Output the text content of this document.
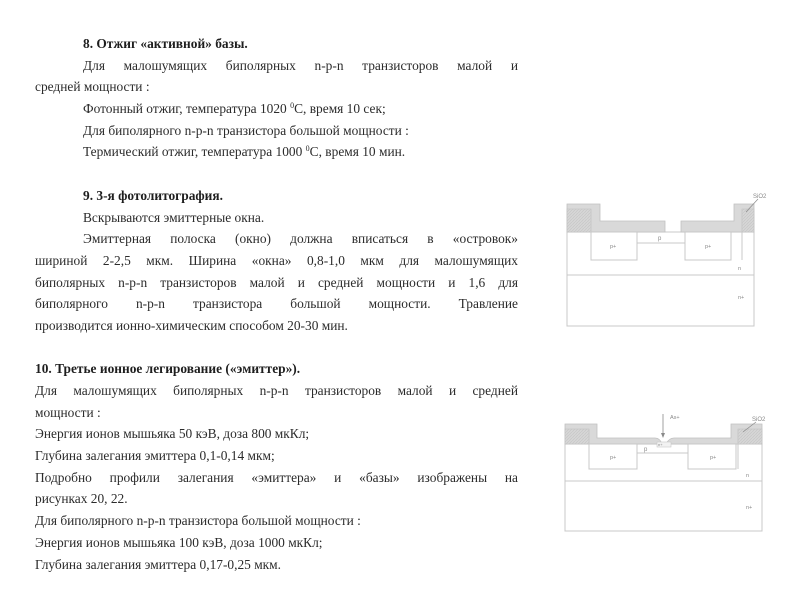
8. Отжиг «активной» базы.
Для малошумящих биполярных n-p-n транзисторов малой и
средней мощности :
Фотонный отжиг, температура 1020 $^0$С, время 10 сек;
Для биполярного n-p-n транзистора большой мощности :
Термический отжиг, температура 1000 $^0$С, время 10 мин.
9. 3-я фотолитография.
Вскрываются эмиттерные окна.
Эмиттерная полоска (окно) должна вписаться в «островок»
шириной 2-2,5 мкм. Ширина «окна» 0,8-1,0 мкм для малошумящих
биполярных n-p-n транзисторов малой и средней мощности и 1,6 для
биполярного n-p-n транзистора большой мощности. Травление
производится ионно-химическим способом 20-30 мин.
10. Третье ионное легирование («эмиттер»).
Для малошумящих биполярных n-p-n транзисторов малой и средней
мощности :
Энергия ионов мышьяка 50 кэВ, доза 800 мкКл;
Глубина залегания эмиттера 0,1-0,14 мкм;
Подробно профили залегания «эмиттера» и «базы» изображены на
рисунках 20, 22.
Для биполярного n-p-n транзистора большой мощности :
Энергия ионов мышьяка 100 кэВ, доза 1000 мкКл;
Глубина залегания эмиттера 0,17-0,25 мкм.
SiO2
p
p+	p+
n
n+
As+	SiO2
p
n+
p+	p+
n
n+
